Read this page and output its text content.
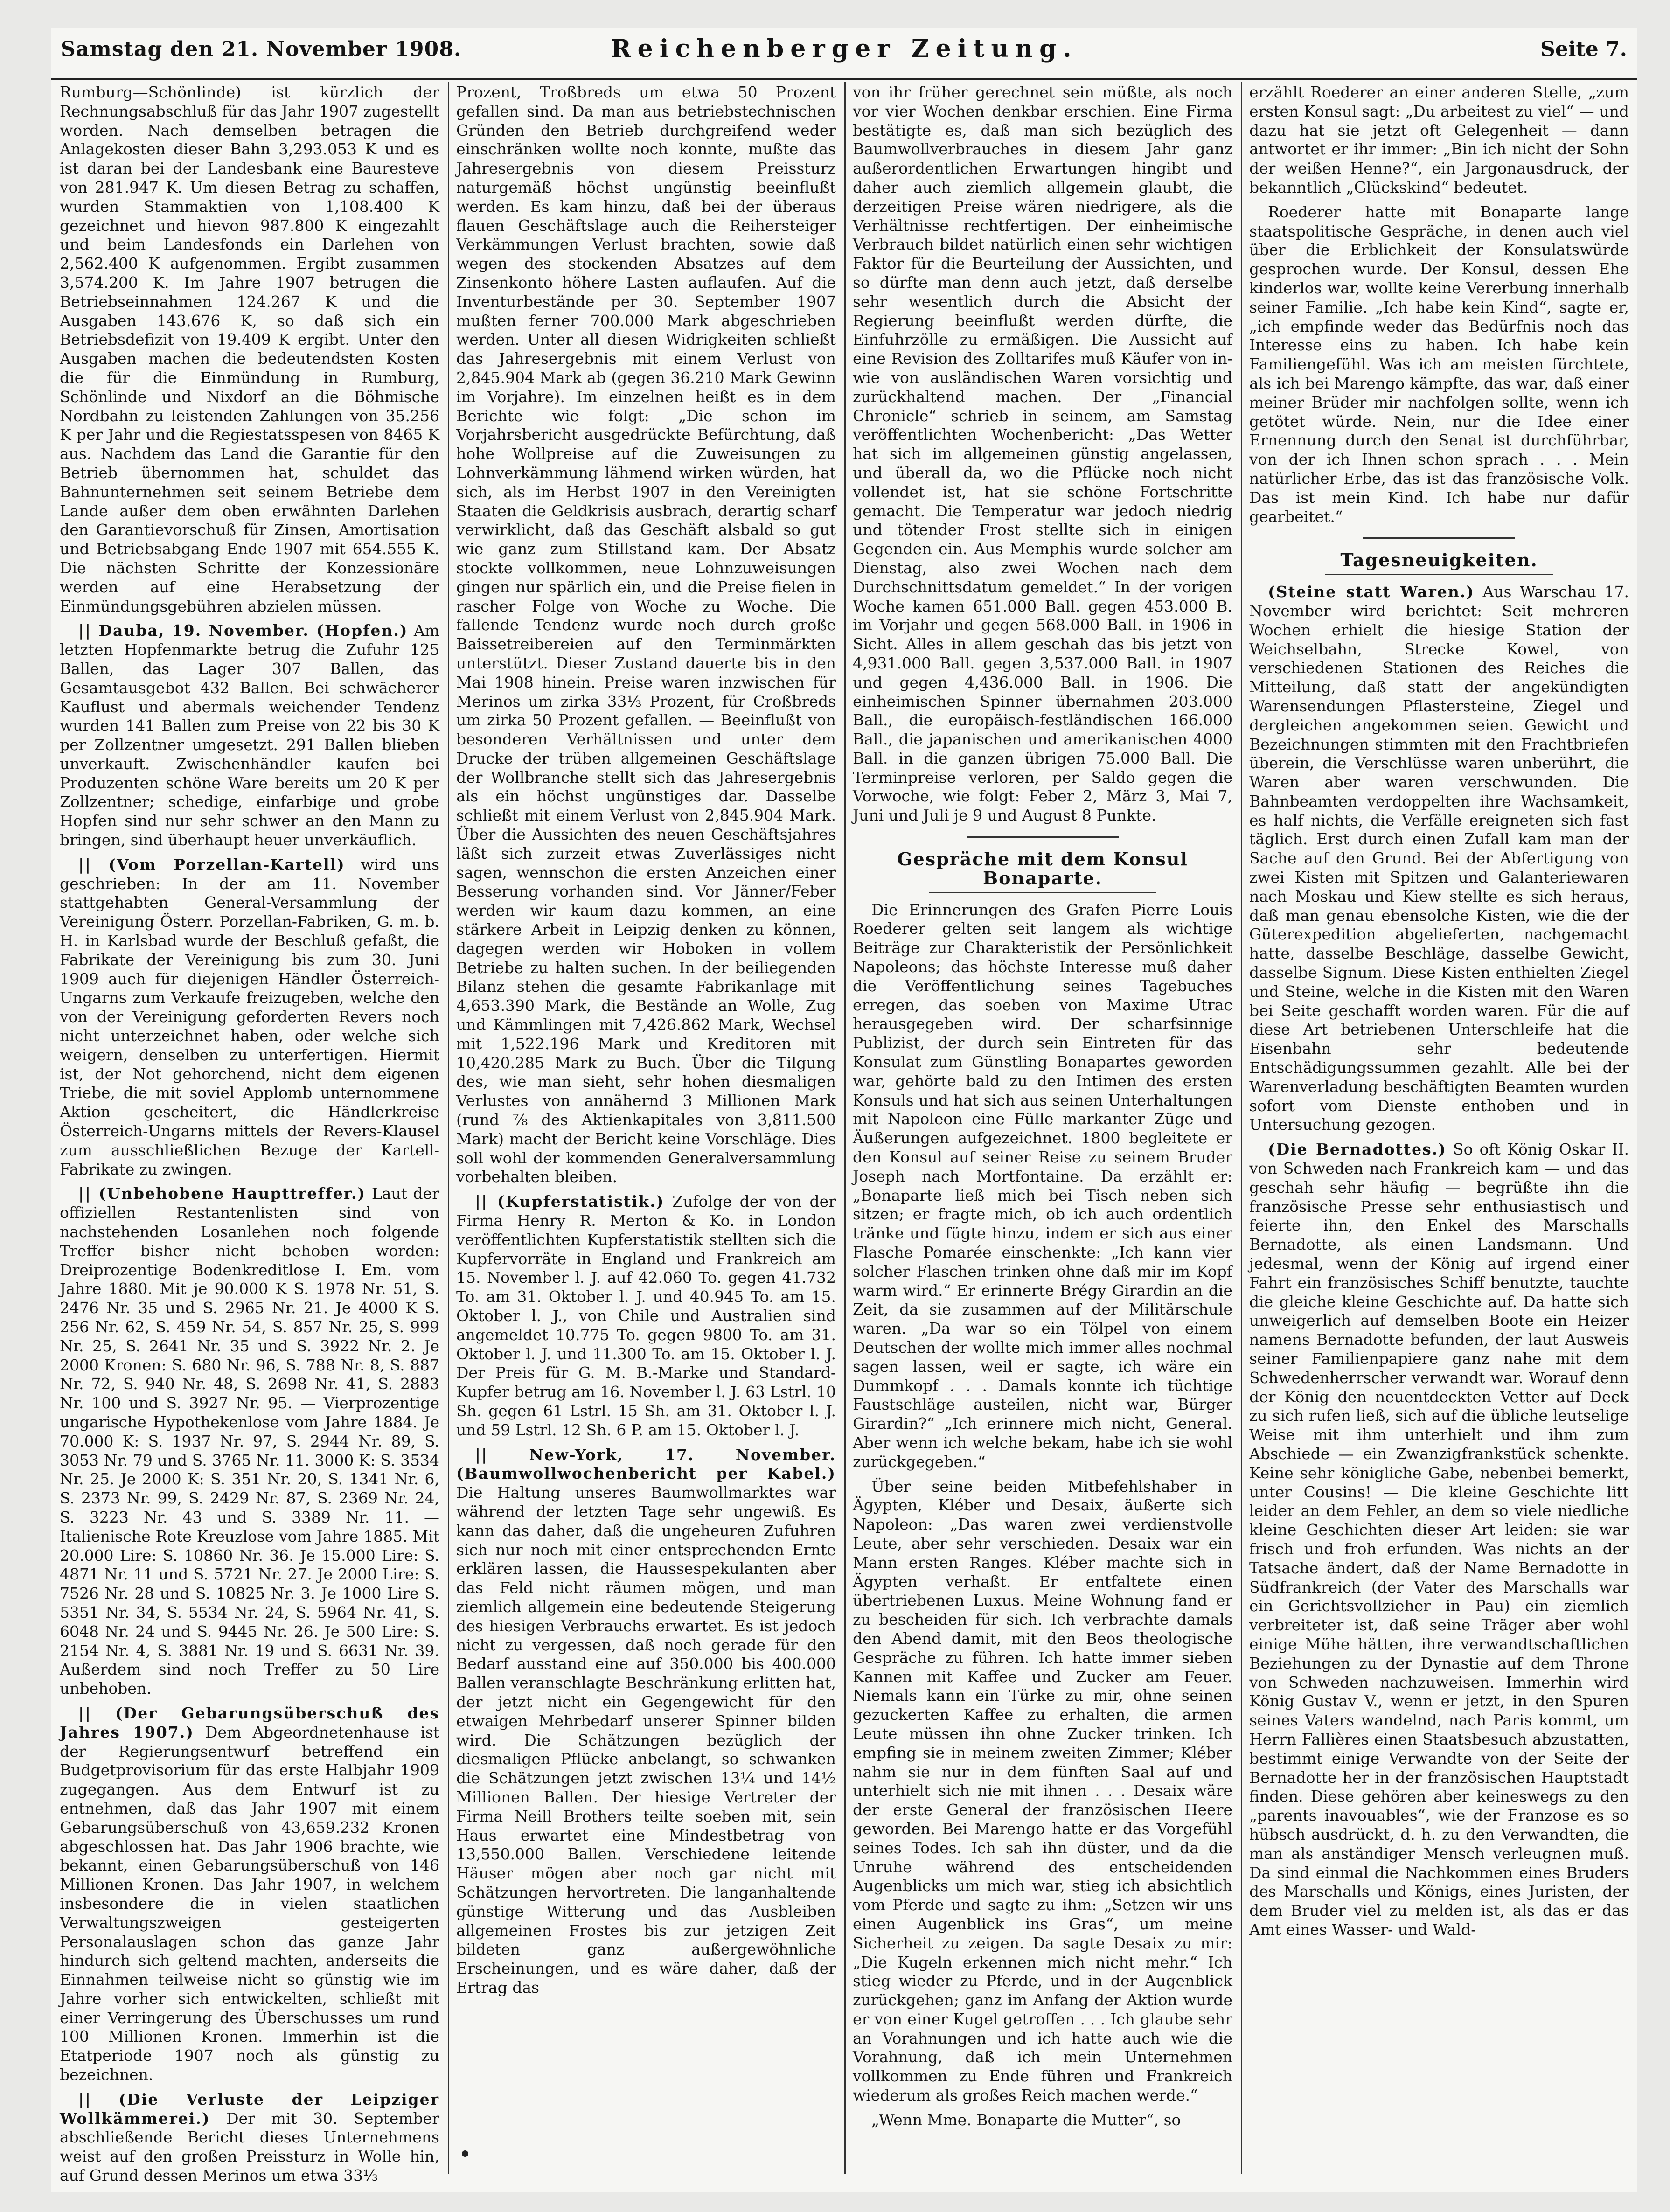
Samstag den 21. November 1908.	Reichenberger Zeitung.	Seite 7.

Rumburg—Schönlinde) ist kürzlich der Rechnungsabschluß für das Jahr 1907 zugestellt worden. Nach demselben betragen die Anlagekosten dieser Bahn 3,293.053 K und es ist daran bei der Landesbank eine Bauresteve von 281.947 K. Um diesen Betrag zu schaffen, wurden Stammaktien von 1,108.400 K gezeichnet und hievon 987.800 K eingezahlt und beim Landesfonds ein Darlehen von 2,562.400 K aufgenommen. Ergibt zusammen 3,574.200 K. Im Jahre 1907 betrugen die Betriebseinnahmen 124.267 K und die Ausgaben 143.676 K, so daß sich ein Betriebsdefizit von 19.409 K ergibt. Unter den Ausgaben machen die bedeutendsten Kosten die für die Einmündung in Rumburg, Schönlinde und Nixdorf an die Böhmische Nordbahn zu leistenden Zahlungen von 35.256 K per Jahr und die Regiestatsspesen von 8465 K aus. Nachdem das Land die Garantie für den Betrieb übernommen hat, schuldet das Bahnunternehmen seit seinem Betriebe dem Lande außer dem oben erwähnten Darlehen den Garantievorschuß für Zinsen, Amortisation und Betriebsabgang Ende 1907 mit 654.555 K. Die nächsten Schritte der Konzessionäre werden auf eine Herabsetzung der Einmündungsgebühren abzielen müssen.

|| Dauba, 19. November. (Hopfen.) Am letzten Hopfenmarkte betrug die Zufuhr 125 Ballen, das Lager 307 Ballen, das Gesamtausgebot 432 Ballen. Bei schwächerer Kauflust und abermals weichender Tendenz wurden 141 Ballen zum Preise von 22 bis 30 K per Zollzentner umgesetzt. 291 Ballen blieben unverkauft. Zwischenhändler kaufen bei Produzenten schöne Ware bereits um 20 K per Zollzentner; schedige, einfarbige und grobe Hopfen sind nur sehr schwer an den Mann zu bringen, sind überhaupt heuer unverkäuflich.

|| (Vom Porzellan-Kartell) wird uns geschrieben: In der am 11. November stattgehabten General-Versammlung der Vereinigung Österr. Porzellan-Fabriken, G. m. b. H. in Karlsbad wurde der Beschluß gefaßt, die Fabrikate der Vereinigung bis zum 30. Juni 1909 auch für diejenigen Händler Österreich-Ungarns zum Verkaufe freizugeben, welche den von der Vereinigung geforderten Revers noch nicht unterzeichnet haben, oder welche sich weigern, denselben zu unterfertigen. Hiermit ist, der Not gehorchend, nicht dem eigenen Triebe, die mit soviel Applomb unternommene Aktion gescheitert, die Händlerkreise Österreich-Ungarns mittels der Revers-Klausel zum ausschließlichen Bezuge der Kartell-Fabrikate zu zwingen.

|| (Unbehobene Haupttreffer.) Laut der offiziellen Restantenlisten sind von nachstehenden Losanlehen noch folgende Treffer bisher nicht behoben worden: Dreiprozentige Bodenkreditlose I. Em. vom Jahre 1880. Mit je 90.000 K S. 1978 Nr. 51, S. 2476 Nr. 35 und S. 2965 Nr. 21. Je 4000 K S. 256 Nr. 62, S. 459 Nr. 54, S. 857 Nr. 25, S. 999 Nr. 25, S. 2641 Nr. 35 und S. 3922 Nr. 2. Je 2000 Kronen: S. 680 Nr. 96, S. 788 Nr. 8, S. 887 Nr. 72, S. 940 Nr. 48, S. 2698 Nr. 41, S. 2883 Nr. 100 und S. 3927 Nr. 95. — Vierprozentige ungarische Hypothekenlose vom Jahre 1884. Je 70.000 K: S. 1937 Nr. 97, S. 2944 Nr. 89, S. 3053 Nr. 79 und S. 3765 Nr. 11. 3000 K: S. 3534 Nr. 25. Je 2000 K: S. 351 Nr. 20, S. 1341 Nr. 6, S. 2373 Nr. 99, S. 2429 Nr. 87, S. 2369 Nr. 24, S. 3223 Nr. 43 und S. 3389 Nr. 11. — Italienische Rote Kreuzlose vom Jahre 1885. Mit 20.000 Lire: S. 10860 Nr. 36. Je 15.000 Lire: S. 4871 Nr. 11 und S. 5721 Nr. 27. Je 2000 Lire: S. 7526 Nr. 28 und S. 10825 Nr. 3. Je 1000 Lire S. 5351 Nr. 34, S. 5534 Nr. 24, S. 5964 Nr. 41, S. 6048 Nr. 24 und S. 9445 Nr. 26. Je 500 Lire: S. 2154 Nr. 4, S. 3881 Nr. 19 und S. 6631 Nr. 39. Außerdem sind noch Treffer zu 50 Lire unbehoben.

|| (Der Gebarungsüberschuß des Jahres 1907.) Dem Abgeordnetenhause ist der Regierungsentwurf betreffend ein Budgetprovisorium für das erste Halbjahr 1909 zugegangen. Aus dem Entwurf ist zu entnehmen, daß das Jahr 1907 mit einem Gebarungsüberschuß von 43,659.232 Kronen abgeschlossen hat. Das Jahr 1906 brachte, wie bekannt, einen Gebarungsüberschuß von 146 Millionen Kronen. Das Jahr 1907, in welchem insbesondere die in vielen staatlichen Verwaltungszweigen gesteigerten Personalauslagen schon das ganze Jahr hindurch sich geltend machten, anderseits die Einnahmen teilweise nicht so günstig wie im Jahre vorher sich entwickelten, schließt mit einer Verringerung des Überschusses um rund 100 Millionen Kronen. Immerhin ist die Etatperiode 1907 noch als günstig zu bezeichnen.

|| (Die Verluste der Leipziger Wollkämmerei.) Der mit 30. September abschließende Bericht dieses Unternehmens weist auf den großen Preissturz in Wolle hin, auf Grund dessen Merinos um etwa 33⅓

Prozent, Troßbreds um etwa 50 Prozent gefallen sind. Da man aus betriebstechnischen Gründen den Betrieb durchgreifend weder einschränken wollte noch konnte, mußte das Jahresergebnis von diesem Preissturz naturgemäß höchst ungünstig beeinflußt werden. Es kam hinzu, daß bei der überaus flauen Geschäftslage auch die Reihersteiger Verkämmungen Verlust brachten, sowie daß wegen des stockenden Absatzes auf dem Zinsenkonto höhere Lasten auflaufen. Auf die Inventurbestände per 30. September 1907 mußten ferner 700.000 Mark abgeschrieben werden. Unter all diesen Widrigkeiten schließt das Jahresergebnis mit einem Verlust von 2,845.904 Mark ab (gegen 36.210 Mark Gewinn im Vorjahre). Im einzelnen heißt es in dem Berichte wie folgt: „Die schon im Vorjahrsbericht ausgedrückte Befürchtung, daß hohe Wollpreise auf die Zuweisungen zu Lohnverkämmung lähmend wirken würden, hat sich, als im Herbst 1907 in den Vereinigten Staaten die Geldkrisis ausbrach, derartig scharf verwirklicht, daß das Geschäft alsbald so gut wie ganz zum Stillstand kam. Der Absatz stockte vollkommen, neue Lohnzuweisungen gingen nur spärlich ein, und die Preise fielen in rascher Folge von Woche zu Woche. Die fallende Tendenz wurde noch durch große Baissetreibereien auf den Terminmärkten unterstützt. Dieser Zustand dauerte bis in den Mai 1908 hinein. Preise waren inzwischen für Merinos um zirka 33⅓ Prozent, für Croßbreds um zirka 50 Prozent gefallen. — Beeinflußt von besonderen Verhältnissen und unter dem Drucke der trüben allgemeinen Geschäftslage der Wollbranche stellt sich das Jahresergebnis als ein höchst ungünstiges dar. Dasselbe schließt mit einem Verlust von 2,845.904 Mark. Über die Aussichten des neuen Geschäftsjahres läßt sich zurzeit etwas Zuverlässiges nicht sagen, wennschon die ersten Anzeichen einer Besserung vorhanden sind. Vor Jänner/Feber werden wir kaum dazu kommen, an eine stärkere Arbeit in Leipzig denken zu können, dagegen werden wir Hoboken in vollem Betriebe zu halten suchen. In der beiliegenden Bilanz stehen die gesamte Fabrikanlage mit 4,653.390 Mark, die Bestände an Wolle, Zug und Kämmlingen mit 7,426.862 Mark, Wechsel mit 1,522.196 Mark und Kreditoren mit 10,420.285 Mark zu Buch. Über die Tilgung des, wie man sieht, sehr hohen diesmaligen Verlustes von annähernd 3 Millionen Mark (rund ⅞ des Aktienkapitales von 3,811.500 Mark) macht der Bericht keine Vorschläge. Dies soll wohl der kommenden Generalversammlung vorbehalten bleiben.

|| (Kupferstatistik.) Zufolge der von der Firma Henry R. Merton & Ko. in London veröffentlichten Kupferstatistik stellten sich die Kupfervorräte in England und Frankreich am 15. November l. J. auf 42.060 To. gegen 41.732 To. am 31. Oktober l. J. und 40.945 To. am 15. Oktober l. J., von Chile und Australien sind angemeldet 10.775 To. gegen 9800 To. am 31. Oktober l. J. und 11.300 To. am 15. Oktober l. J. Der Preis für G. M. B.-Marke und Standard-Kupfer betrug am 16. November l. J. 63 Lstrl. 10 Sh. gegen 61 Lstrl. 15 Sh. am 31. Oktober l. J. und 59 Lstrl. 12 Sh. 6 P. am 15. Oktober l. J.

|| New-York, 17. November. (Baumwollwochenbericht per Kabel.) Die Haltung unseres Baumwollmarktes war während der letzten Tage sehr ungewiß. Es kann das daher, daß die ungeheuren Zufuhren sich nur noch mit einer entsprechenden Ernte erklären lassen, die Haussespekulanten aber das Feld nicht räumen mögen, und man ziemlich allgemein eine bedeutende Steigerung des hiesigen Verbrauchs erwartet. Es ist jedoch nicht zu vergessen, daß noch gerade für den Bedarf ausstand eine auf 350.000 bis 400.000 Ballen veranschlagte Beschränkung erlitten hat, der jetzt nicht ein Gegengewicht für den etwaigen Mehrbedarf unserer Spinner bilden wird. Die Schätzungen bezüglich der diesmaligen Pflücke anbelangt, so schwanken die Schätzungen jetzt zwischen 13¼ und 14½ Millionen Ballen. Der hiesige Vertreter der Firma Neill Brothers teilte soeben mit, sein Haus erwartet eine Mindestbetrag von 13,550.000 Ballen. Verschiedene leitende Häuser mögen aber noch gar nicht mit Schätzungen hervortreten. Die langanhaltende günstige Witterung und das Ausbleiben allgemeinen Frostes bis zur jetzigen Zeit bildeten ganz außergewöhnliche Erscheinungen, und es wäre daher, daß der Ertrag das

von ihr früher gerechnet sein müßte, als noch vor vier Wochen denkbar erschien. Eine Firma bestätigte es, daß man sich bezüglich des Baumwollverbrauches in diesem Jahr ganz außerordentlichen Erwartungen hingibt und daher auch ziemlich allgemein glaubt, die derzeitigen Preise wären niedrigere, als die Verhältnisse rechtfertigen. Der einheimische Verbrauch bildet natürlich einen sehr wichtigen Faktor für die Beurteilung der Aussichten, und so dürfte man denn auch jetzt, daß derselbe sehr wesentlich durch die Absicht der Regierung beeinflußt werden dürfte, die Einfuhrzölle zu ermäßigen. Die Aussicht auf eine Revision des Zolltarifes muß Käufer von in- wie von ausländischen Waren vorsichtig und zurückhaltend machen. Der „Financial Chronicle“ schrieb in seinem, am Samstag veröffentlichten Wochenbericht: „Das Wetter hat sich im allgemeinen günstig angelassen, und überall da, wo die Pflücke noch nicht vollendet ist, hat sie schöne Fortschritte gemacht. Die Temperatur war jedoch niedrig und tötender Frost stellte sich in einigen Gegenden ein. Aus Memphis wurde solcher am Dienstag, also zwei Wochen nach dem Durchschnittsdatum gemeldet.“ In der vorigen Woche kamen 651.000 Ball. gegen 453.000 B. im Vorjahr und gegen 568.000 Ball. in 1906 in Sicht. Alles in allem geschah das bis jetzt von 4,931.000 Ball. gegen 3,537.000 Ball. in 1907 und gegen 4,436.000 Ball. in 1906. Die einheimischen Spinner übernahmen 203.000 Ball., die europäisch-festländischen 166.000 Ball., die japanischen und amerikanischen 4000 Ball. in die ganzen übrigen 75.000 Ball. Die Terminpreise verloren, per Saldo gegen die Vorwoche, wie folgt: Feber 2, März 3, Mai 7, Juni und Juli je 9 und August 8 Punkte.

Gespräche mit dem Konsul Bonaparte.

Die Erinnerungen des Grafen Pierre Louis Roederer gelten seit langem als wichtige Beiträge zur Charakteristik der Persönlichkeit Napoleons; das höchste Interesse muß daher die Veröffentlichung seines Tagebuches erregen, das soeben von Maxime Utrac herausgegeben wird. Der scharfsinnige Publizist, der durch sein Eintreten für das Konsulat zum Günstling Bonapartes geworden war, gehörte bald zu den Intimen des ersten Konsuls und hat sich aus seinen Unterhaltungen mit Napoleon eine Fülle markanter Züge und Äußerungen aufgezeichnet. 1800 begleitete er den Konsul auf seiner Reise zu seinem Bruder Joseph nach Mortfontaine. Da erzählt er: „Bonaparte ließ mich bei Tisch neben sich sitzen; er fragte mich, ob ich auch ordentlich tränke und fügte hinzu, indem er sich aus einer Flasche Pomarée einschenkte: „Ich kann vier solcher Flaschen trinken ohne daß mir im Kopf warm wird.“ Er erinnerte Brégy Girardin an die Zeit, da sie zusammen auf der Militärschule waren. „Da war so ein Tölpel von einem Deutschen der wollte mich immer alles nochmal sagen lassen, weil er sagte, ich wäre ein Dummkopf . . . Damals konnte ich tüchtige Faustschläge austeilen, nicht war, Bürger Girardin?“ „Ich erinnere mich nicht, General. Aber wenn ich welche bekam, habe ich sie wohl zurückgegeben.“

Über seine beiden Mitbefehlshaber in Ägypten, Kléber und Desaix, äußerte sich Napoleon: „Das waren zwei verdienstvolle Leute, aber sehr verschieden. Desaix war ein Mann ersten Ranges. Kléber machte sich in Ägypten verhaßt. Er entfaltete einen übertriebenen Luxus. Meine Wohnung fand er zu bescheiden für sich. Ich verbrachte damals den Abend damit, mit den Beos theologische Gespräche zu führen. Ich hatte immer sieben Kannen mit Kaffee und Zucker am Feuer. Niemals kann ein Türke zu mir, ohne seinen gezuckerten Kaffee zu erhalten, die armen Leute müssen ihn ohne Zucker trinken. Ich empfing sie in meinem zweiten Zimmer; Kléber nahm sie nur in dem fünften Saal auf und unterhielt sich nie mit ihnen . . . Desaix wäre der erste General der französischen Heere geworden. Bei Marengo hatte er das Vorgefühl seines Todes. Ich sah ihn düster, und da die Unruhe während des entscheidenden Augenblicks um mich war, stieg ich absichtlich vom Pferde und sagte zu ihm: „Setzen wir uns einen Augenblick ins Gras“, um meine Sicherheit zu zeigen. Da sagte Desaix zu mir: „Die Kugeln erkennen mich nicht mehr.“ Ich stieg wieder zu Pferde, und in der Augenblick zurückgehen; ganz im Anfang der Aktion wurde er von einer Kugel getroffen . . . Ich glaube sehr an Vorahnungen und ich hatte auch wie die Vorahnung, daß ich mein Unternehmen vollkommen zu Ende führen und Frankreich wiederum als großes Reich machen werde.“

„Wenn Mme. Bonaparte die Mutter“, so

erzählt Roederer an einer anderen Stelle, „zum ersten Konsul sagt: „Du arbeitest zu viel“ — und dazu hat sie jetzt oft Gelegenheit — dann antwortet er ihr immer: „Bin ich nicht der Sohn der weißen Henne?“, ein Jargonausdruck, der bekanntlich „Glückskind“ bedeutet.

Roederer hatte mit Bonaparte lange staatspolitische Gespräche, in denen auch viel über die Erblichkeit der Konsulatswürde gesprochen wurde. Der Konsul, dessen Ehe kinderlos war, wollte keine Vererbung innerhalb seiner Familie. „Ich habe kein Kind“, sagte er, „ich empfinde weder das Bedürfnis noch das Interesse eins zu haben. Ich habe kein Familiengefühl. Was ich am meisten fürchtete, als ich bei Marengo kämpfte, das war, daß einer meiner Brüder mir nachfolgen sollte, wenn ich getötet würde. Nein, nur die Idee einer Ernennung durch den Senat ist durchführbar, von der ich Ihnen schon sprach . . . Mein natürlicher Erbe, das ist das französische Volk. Das ist mein Kind. Ich habe nur dafür gearbeitet.“

Tagesneuigkeiten.

(Steine statt Waren.) Aus Warschau 17. November wird berichtet: Seit mehreren Wochen erhielt die hiesige Station der Weichselbahn, Strecke Kowel, von verschiedenen Stationen des Reiches die Mitteilung, daß statt der angekündigten Warensendungen Pflastersteine, Ziegel und dergleichen angekommen seien. Gewicht und Bezeichnungen stimmten mit den Frachtbriefen überein, die Verschlüsse waren unberührt, die Waren aber waren verschwunden. Die Bahnbeamten verdoppelten ihre Wachsamkeit, es half nichts, die Verfälle ereigneten sich fast täglich. Erst durch einen Zufall kam man der Sache auf den Grund. Bei der Abfertigung von zwei Kisten mit Spitzen und Galanteriewaren nach Moskau und Kiew stellte es sich heraus, daß man genau ebensolche Kisten, wie die der Güterexpedition abgelieferten, nachgemacht hatte, dasselbe Beschläge, dasselbe Gewicht, dasselbe Signum. Diese Kisten enthielten Ziegel und Steine, welche in die Kisten mit den Waren bei Seite geschafft worden waren. Für die auf diese Art betriebenen Unterschleife hat die Eisenbahn sehr bedeutende Entschädigungssummen gezahlt. Alle bei der Warenverladung beschäftigten Beamten wurden sofort vom Dienste enthoben und in Untersuchung gezogen.

(Die Bernadottes.) So oft König Oskar II. von Schweden nach Frankreich kam — und das geschah sehr häufig — begrüßte ihn die französische Presse sehr enthusiastisch und feierte ihn, den Enkel des Marschalls Bernadotte, als einen Landsmann. Und jedesmal, wenn der König auf irgend einer Fahrt ein französisches Schiff benutzte, tauchte die gleiche kleine Geschichte auf. Da hatte sich unweigerlich auf demselben Boote ein Heizer namens Bernadotte befunden, der laut Ausweis seiner Familienpapiere ganz nahe mit dem Schwedenherrscher verwandt war. Worauf denn der König den neuentdeckten Vetter auf Deck zu sich rufen ließ, sich auf die übliche leutselige Weise mit ihm unterhielt und ihm zum Abschiede — ein Zwanzigfrankstück schenkte. Keine sehr königliche Gabe, nebenbei bemerkt, unter Cousins! — Die kleine Geschichte litt leider an dem Fehler, an dem so viele niedliche kleine Geschichten dieser Art leiden: sie war frisch und froh erfunden. Was nichts an der Tatsache ändert, daß der Name Bernadotte in Südfrankreich (der Vater des Marschalls war ein Gerichtsvollzieher in Pau) ein ziemlich verbreiteter ist, daß seine Träger aber wohl einige Mühe hätten, ihre verwandtschaftlichen Beziehungen zu der Dynastie auf dem Throne von Schweden nachzuweisen. Immerhin wird König Gustav V., wenn er jetzt, in den Spuren seines Vaters wandelnd, nach Paris kommt, um Herrn Fallières einen Staatsbesuch abzustatten, bestimmt einige Verwandte von der Seite der Bernadotte her in der französischen Hauptstadt finden. Diese gehören aber keineswegs zu den „parents inavouables“, wie der Franzose es so hübsch ausdrückt, d. h. zu den Verwandten, die man als anständiger Mensch verleugnen muß. Da sind einmal die Nachkommen eines Bruders des Marschalls und Königs, eines Juristen, der dem Bruder viel zu melden ist, als das er das Amt eines Wasser- und Wald-
